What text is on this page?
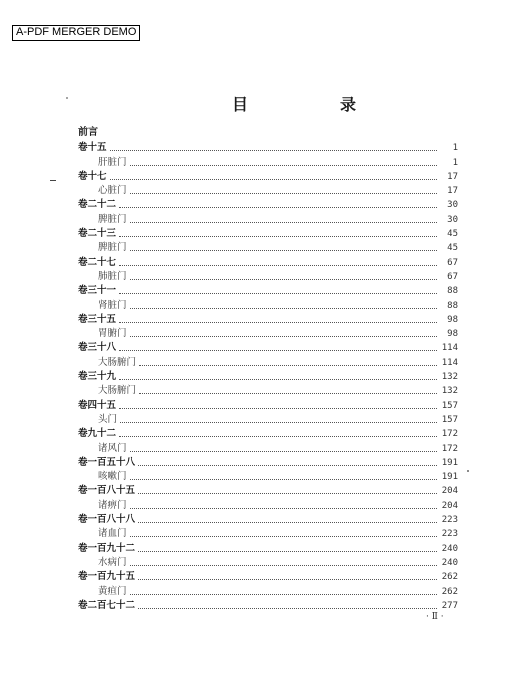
A-PDF MERGER DEMO
目　录
前言
卷十五	1
肝脏门	1
卷十七	17
心脏门	17
卷二十二	30
脾脏门	30
卷二十三	45
脾脏门	45
卷二十七	67
肺脏门	67
卷三十一	88
肾脏门	88
卷三十五	98
胃腑门	98
卷三十八	114
大肠腑门	114
卷三十九	132
大肠腑门	132
卷四十五	157
头门	157
卷九十二	172
诸风门	172
卷一百五十八	191
咳嗽门	191
卷一百八十五	204
诸痹门	204
卷一百八十八	223
诸血门	223
卷一百九十二	240
水病门	240
卷一百九十五	262
黄疸门	262
卷二百七十二	277
· Ⅱ ·
